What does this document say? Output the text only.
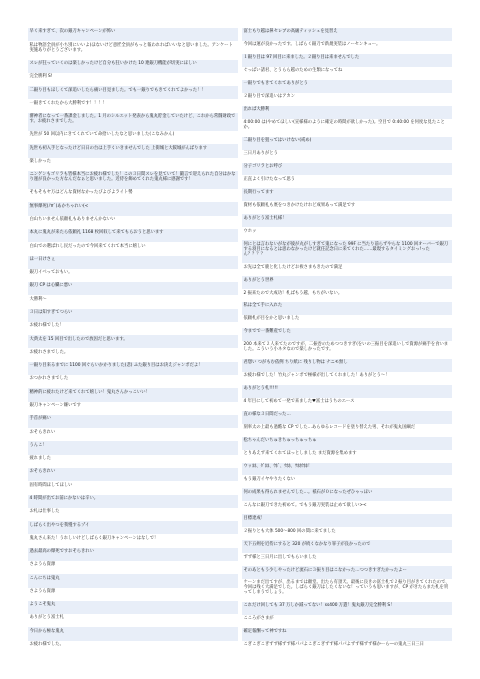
早く来すぎて、次の銀刀キャンペーンが怖い
私は物語全員が小ち別にいいよ(ほないけど意匠全員がもっと報われればいいなと思いました。アンケート実施ありがとうございます。
スレが狂っていくのは楽しかったけど自分も狂いかけた 10 連銀刀機能が切実にほしい
完全勝利 S!
二銀り目もほしくて深追いしたら痛い目見ました。でも一銀りでもきてくれてよかった！！
一銀きてくれたから大勝利です！！！！
審神者になって一番課金しました。1 月のシルエット発表から鬼丸貯金していたけど、これから常闘財政です。お疲れさまでした。
先世が 50 回以内にきてくれていて命拾いしたなと思いました(こなみかん)
先世も初入手となったけど日日の台は上手くいきませんでした 上街城と大阪城がんばります
楽しかった
ニンゲンもゴリラも皆様本当にお疲れ様でした！この３日間スレを見ていて！鍛言で迎えられた自分はかなり運が良かった方なんだなぁと思いました。近侍を飾めてくれた鬼丸様に感謝です！
そもそもヤ万はどんな資材なかったびよびよライト勢
無事爆死(ﾉ∀`)あかちゃれい(<
白山ちいません依頼礼もありませんかないい
本丸に鬼丸が来たら依頼礼 1168 枚回収して来てもらおうと思います
白山での選ばれし民だったので今回来てくれて本当に嬉しい
ほ一日けさぇ
銀刀イベっておもい。
銀刀 CP は心臓に悪い
大勝利～
３日は知すぎてつらい
お疲れ様でした！
大典太を 15 回目で出したので放因だと思います。
お疲れさまでした。
一銀り目来るまでに 1100 回ぐらいかかりました(悲) ふた銀り目はお決えジャンボだよ！
おつかれさまでした
精神的に疲れたけど来てくれて嬉しい！鬼丸さんかっこいい！
銀刀キャンペーン嫌いです
手首が痛い
おそらきれい
うんこ！
疲れました
おそらきれい
固有時間ほしてほしい
4 時間が出てお前にかないは辛い。
お札は仕事した
しばらく出やつを我慢するゾイ
鬼丸さん来た！うれしいけどしばらく銀刀キャンペーンはなしで！
過去最高の爆死ですおそらきれい
さようら資源
こんにちは鬼丸
さようら資源
ようこそ鬼丸
ありがとう富士札
今日から極な鬼丸
お疲れ様でした。
富士もり越は鼻セレブの高級ティッシュを見習え
今回は運が良かったです。しばらく銀刀で新規実装はノーセンキュー。
１銀り目は 97 回目に来ました。２銀り目は来ませんでした
ぐっぱい諸君、とうらら越のための生類になってね
一銀りでもきてくれてありがとう
２銀り目で深追いはアカン
出れば大勝利
4:00:00 は(やめてほしい(宣様様のように確定の時間が欲しかった)。空目で 0:40:00 を何度な見たことか。
二銀り目を狙ってはいけない(戒め)
三日月ありがとう
分子ゴリラとお呼び
正直よく引けたなって思う
長期行ってます
資材も依頼礼も底をつきかけたけれど成果あって満足です
ありがとう富士札様！
ウホッ
何にとは言わないがなが彼が丸がしすぎて鬼になった 99F に当たり前らずやらな 1100 回オーバーで銀刀する羽目になるとは思わなかったけど就任記念日に来てくれた……最現するタイミングおっ!ったん？？？？
お先は全て鹿と化したけどお祓さまもきたので満足
ありがとう世界
2 振来たので大成功！札ばもう越、もちがいない。
私は全て手に入れた
依頼札が目をかと思いました
今までで一番難産でした
200 本来て２人来てたのですが、二振巻のためつつきすぎ(をいの三振目を深追いしで資源が痛手を食いました。こういう小ネタなので楽しかったです。
君想い つがもむ依例 ちり紙に 残りし物は ナニモ無し
お疲れ様でした！竹丸ジャンボで極様が出してくれました！ありがとう～！
ありがとう札!!!!!
4 年目にして初めて一発で来ました♥富士はうちのエース
直の様な３日間だった…
刻率太の上最も過酷な CP でした…あらゆるレコードを塗り替えた男、それが鬼丸国綱だ
松ちゃんだいちゅきちゅっちゅっちゅ
とりあえず来てくれてほっとしました まだ資源を集めます
ウッﾎﾎ、ﾀﾞﾎﾎ、ｳﾎﾞ、ｳﾎﾎ、ｳﾎﾎｳﾎﾎ！
もう銀刀イヤやりたくない
何の成果も得られませんでした…。祇石が０になったぜひゃっほい
こんなに銀刀できた初めて。でもう銀刀実装は止めて欲しい><
目標達成！
２振りとも大体 500～800 回の間に来てました
天下五剣を近侍にすると 320 が続くなかなり罪子が良かったので
ずず様と三日月に出しでもらいました
そのあともう少しやったけど流石に３振り目はこなかった…つつきすぎたかったよー
ケーンまだ出てすが、出るまでは頼堂。出たら有頂天。最後に良きの富士札で２振り目がきてくれたので、今回は残く大満足でした。しばらく銀刀はしたくないな！っていうも思いますが、CP がきたらまた札を買ってしまうでしょう。
これだけ回しても 37 万しか減ってない！ss400 万遣！鬼丸銀刀完全勝利 S！
こころがさまが
確定報酬って神ですね
こぎこぎこぎずず様ずず様パパよこぎこぎずず様パパよずず様ずず様かーら―の鬼丸三日三日
